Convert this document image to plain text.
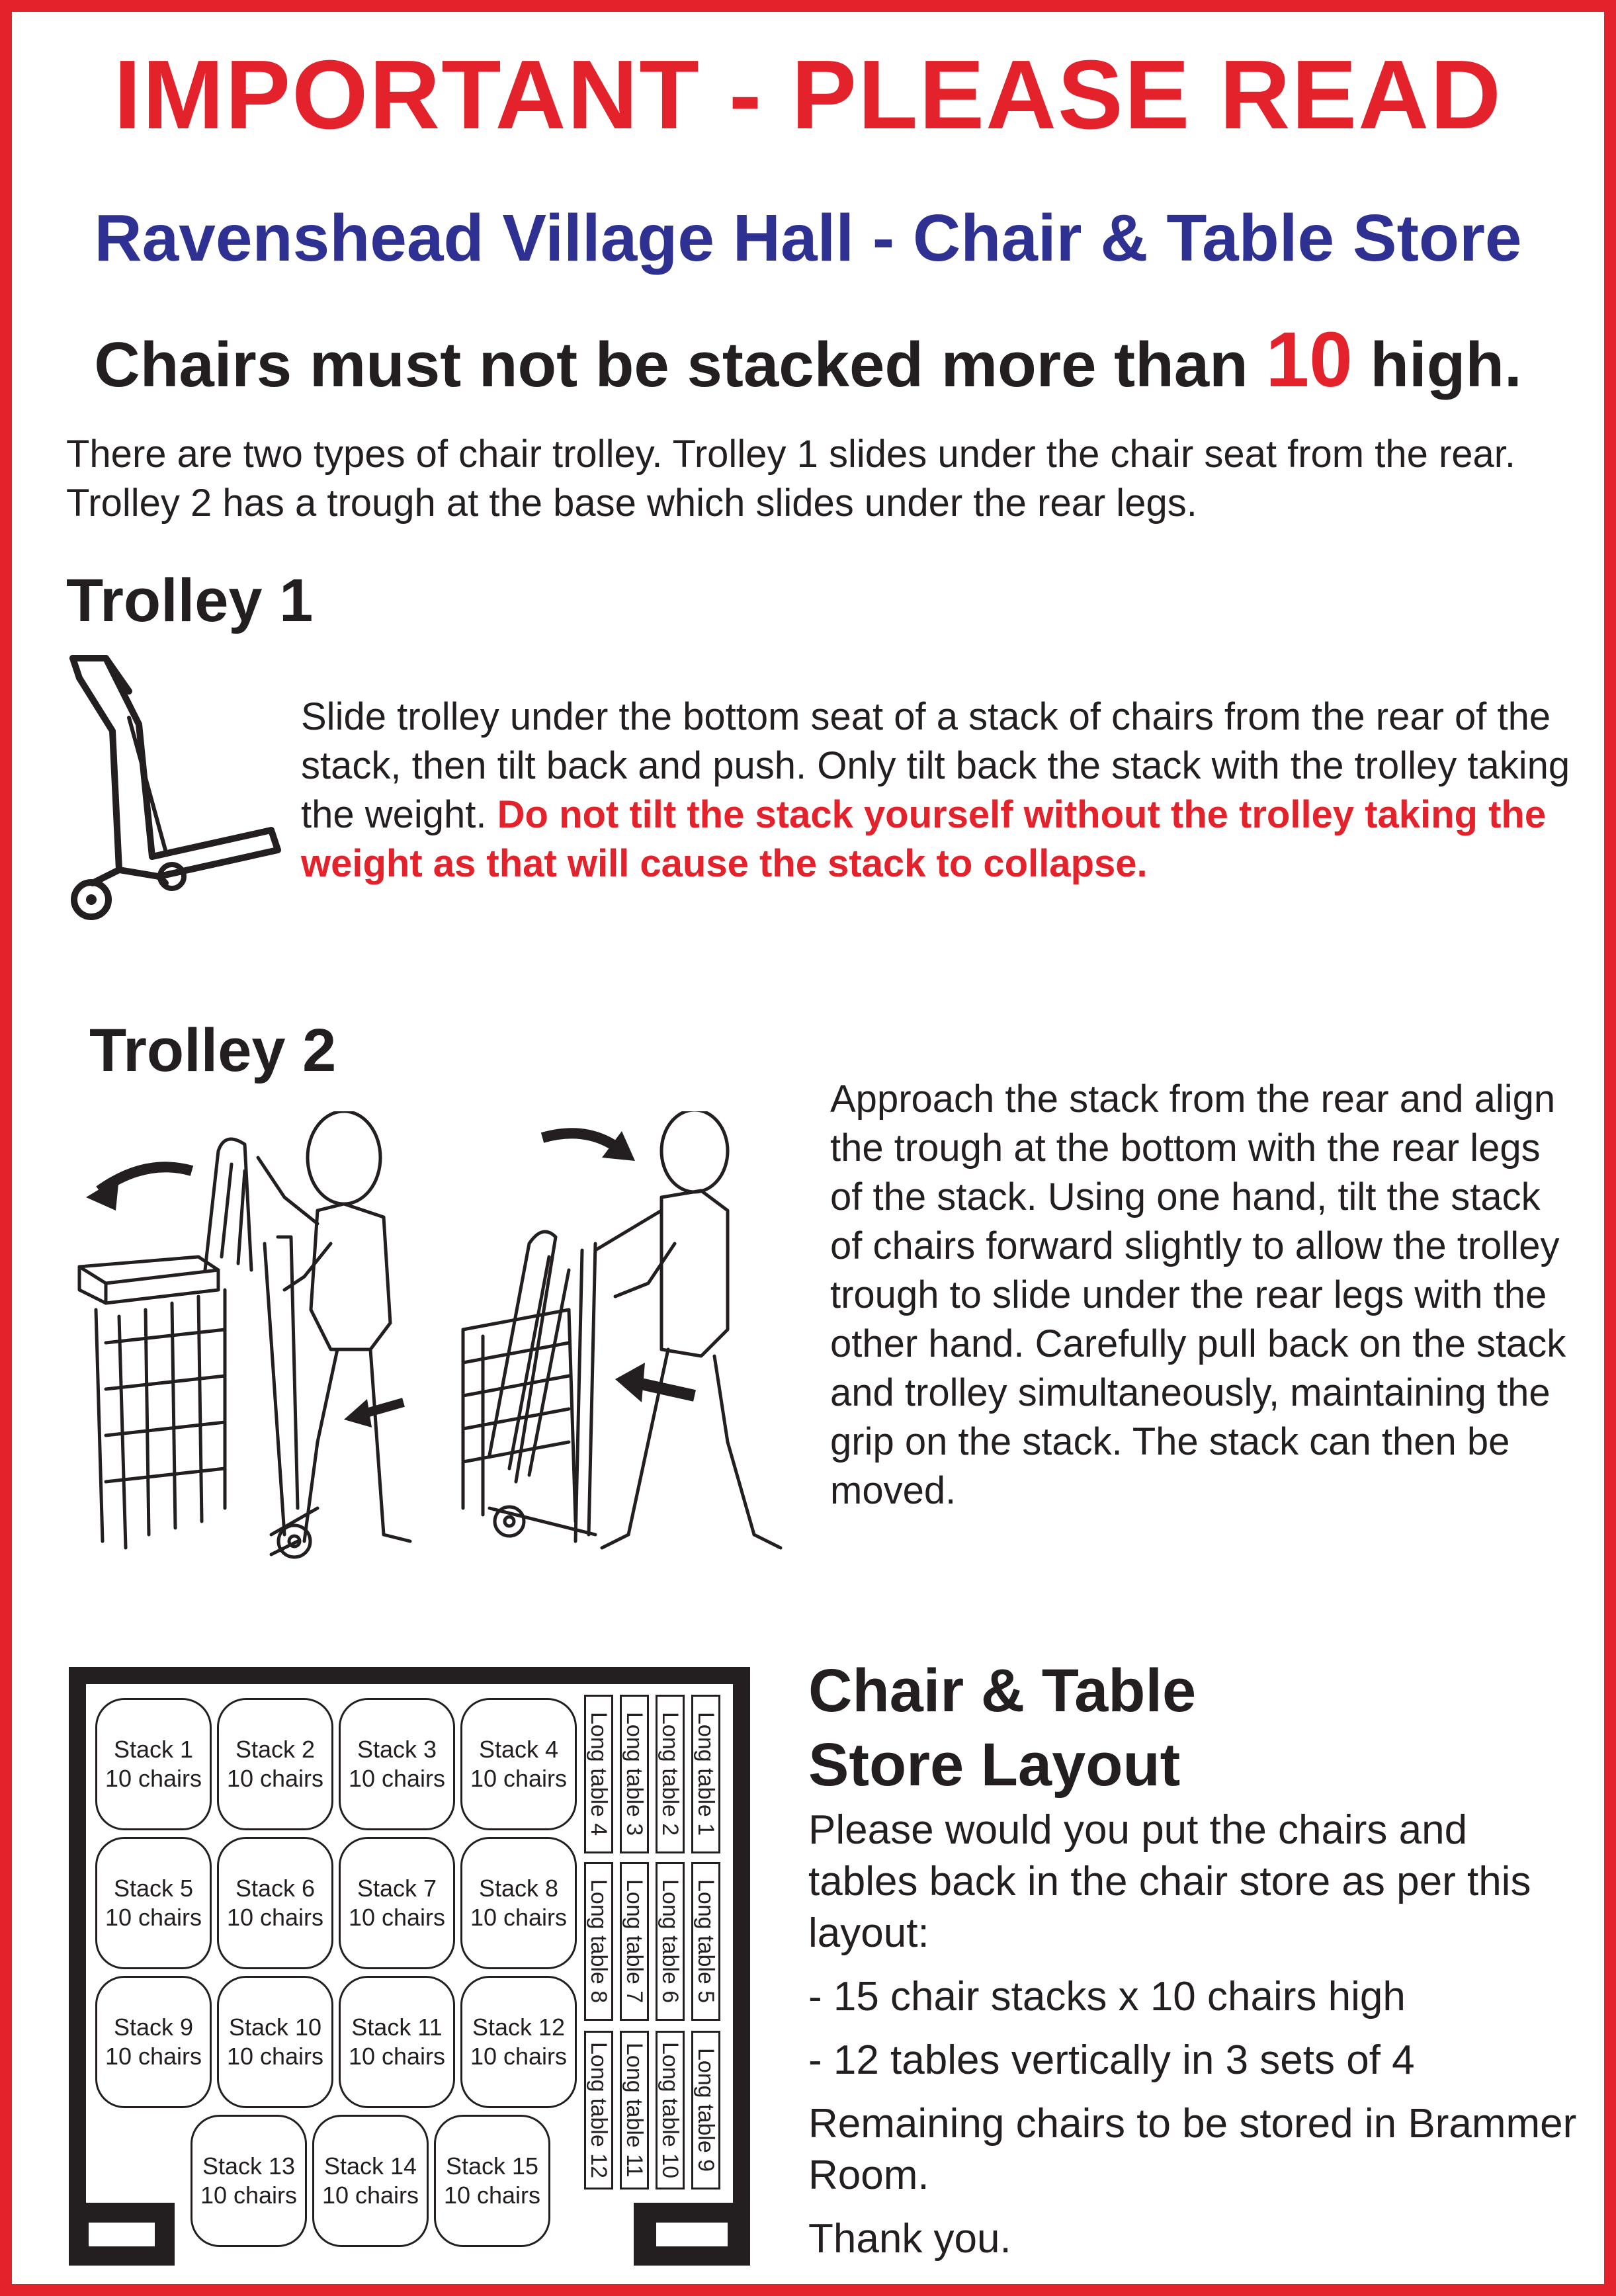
IMPORTANT - PLEASE READ
Ravenshead Village Hall - Chair & Table Store
Chairs must not be stacked more than 10 high.
There are two types of chair trolley. Trolley 1 slides under the chair seat from the rear. Trolley 2 has a trough at the base which slides under the rear legs.
Trolley 1
Slide trolley under the bottom seat of a stack of chairs from the rear of the stack, then tilt back and push. Only tilt back the stack with the trolley taking the weight. Do not tilt the stack yourself without the trolley taking the weight as that will cause the stack to collapse.
Trolley 2
Approach the stack from the rear and align the trough at the bottom with the rear legs of the stack. Using one hand, tilt the stack of chairs forward slightly to allow the trolley trough to slide under the rear legs with the other hand. Carefully pull back on the stack and trolley simultaneously, maintaining the grip on the stack. The stack can then be moved.
Stack 1
10 chairs
Stack 2
10 chairs
Stack 3
10 chairs
Stack 4
10 chairs
Stack 5
10 chairs
Stack 6
10 chairs
Stack 7
10 chairs
Stack 8
10 chairs
Stack 9
10 chairs
Stack 10
10 chairs
Stack 11
10 chairs
Stack 12
10 chairs
Stack 13
10 chairs
Stack 14
10 chairs
Stack 15
10 chairs
Long table 1
Long table 2
Long table 3
Long table 4
Long table 5
Long table 6
Long table 7
Long table 8
Long table 9
Long table 10
Long table 11
Long table 12
Chair & Table
Store Layout
Please would you put the chairs and tables back in the chair store as per this layout:
- 15 chair stacks x 10 chairs high
- 12 tables vertically in 3 sets of 4
Remaining chairs to be stored in Brammer Room.
Thank you.
